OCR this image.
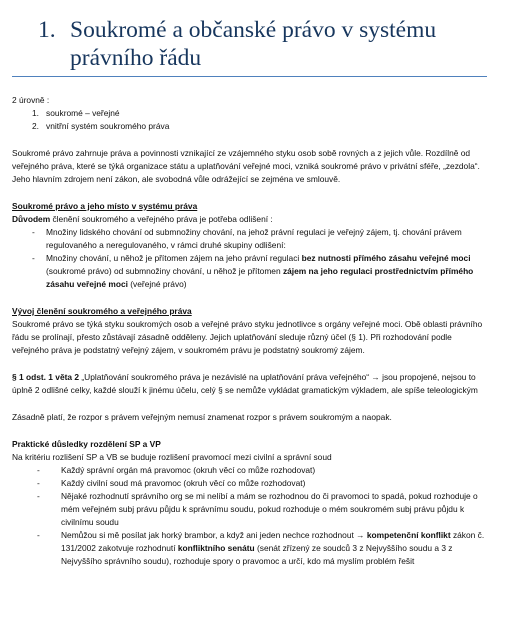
1. Soukromé a občanské právo v systému právního řádu

2 úrovně :

1. soukromé – veřejné
2. vnitřní systém soukromého práva

Soukromé právo zahrnuje práva a povinnosti vznikající ze vzájemného styku osob sobě rovných a z jejich vůle. Rozdílně od veřejného práva, které se týká organizace státu a uplatňování veřejné moci, vzniká soukromé právo v privátní sféře, „zezdola“. Jeho hlavním zdrojem není zákon, ale svobodná vůle odrážející se zejména ve smlouvě.

Soukromé právo a jeho místo v systému práva

Důvodem členění soukromého a veřejného práva je potřeba odlišení :

-	Množiny lidského chování od submnožiny chování, na jehož právní regulaci je veřejný zájem, tj. chování právem regulovaného a neregulovaného, v rámci druhé skupiny odlišení:
-	Množiny chování, u něhož je přítomen zájem na jeho právní regulaci bez nutnosti přímého zásahu veřejné moci (soukromé právo) od submnožiny chování, u něhož je přítomen zájem na jeho regulaci prostřednictvím přímého zásahu veřejné moci (veřejné právo)

Vývoj členění soukromého a veřejného práva

Soukromé právo se týká styku soukromých osob a veřejné právo styku jednotlivce s orgány veřejné moci. Obě oblasti právního řádu se prolínají, přesto zůstávají zásadně odděleny. Jejich uplatňování sleduje různý účel (§ 1). Při rozhodování podle veřejného práva je podstatný veřejný zájem, v soukromém právu je podstatný soukromý zájem.

§ 1 odst. 1 věta 2 „Uplatňování soukromého práva je nezávislé na uplatňování práva veřejného“ → jsou propojené, nejsou to úplně 2 odlišné celky, každé slouží k jinému účelu, celý § se nemůže vykládat gramatickým výkladem, ale spíše teleologickým

Zásadně platí, že rozpor s právem veřejným nemusí znamenat rozpor s právem soukromým a naopak.

Praktické důsledky rozdělení SP a VP

Na kritériu rozlišení SP a VB se buduje rozlišení pravomocí mezi civilní a správní soud

-	Každý správní orgán má pravomoc (okruh věcí co může rozhodovat)
-	Každý civilní soud má pravomoc (okruh věcí co může rozhodovat)
-	Nějaké rozhodnutí správního org se mi nelíbí a mám se rozhodnou do či pravomoci to spadá, pokud rozhoduje o mém veřejném subj právu půjdu k správnímu soudu, pokud rozhoduje o mém soukromém subj právu půjdu k civilnímu soudu
-	Nemůžou si mě posílat jak horký brambor, a když ani jeden nechce rozhodnout → kompetenční konflikt zákon č. 131/2002 zakotvuje rozhodnutí konfliktního senátu (senát zřízený ze soudců 3 z Nejvyššího soudu a 3 z Nejvyššího správního soudu), rozhoduje spory o pravomoc a určí, kdo má myslím problém řešit
